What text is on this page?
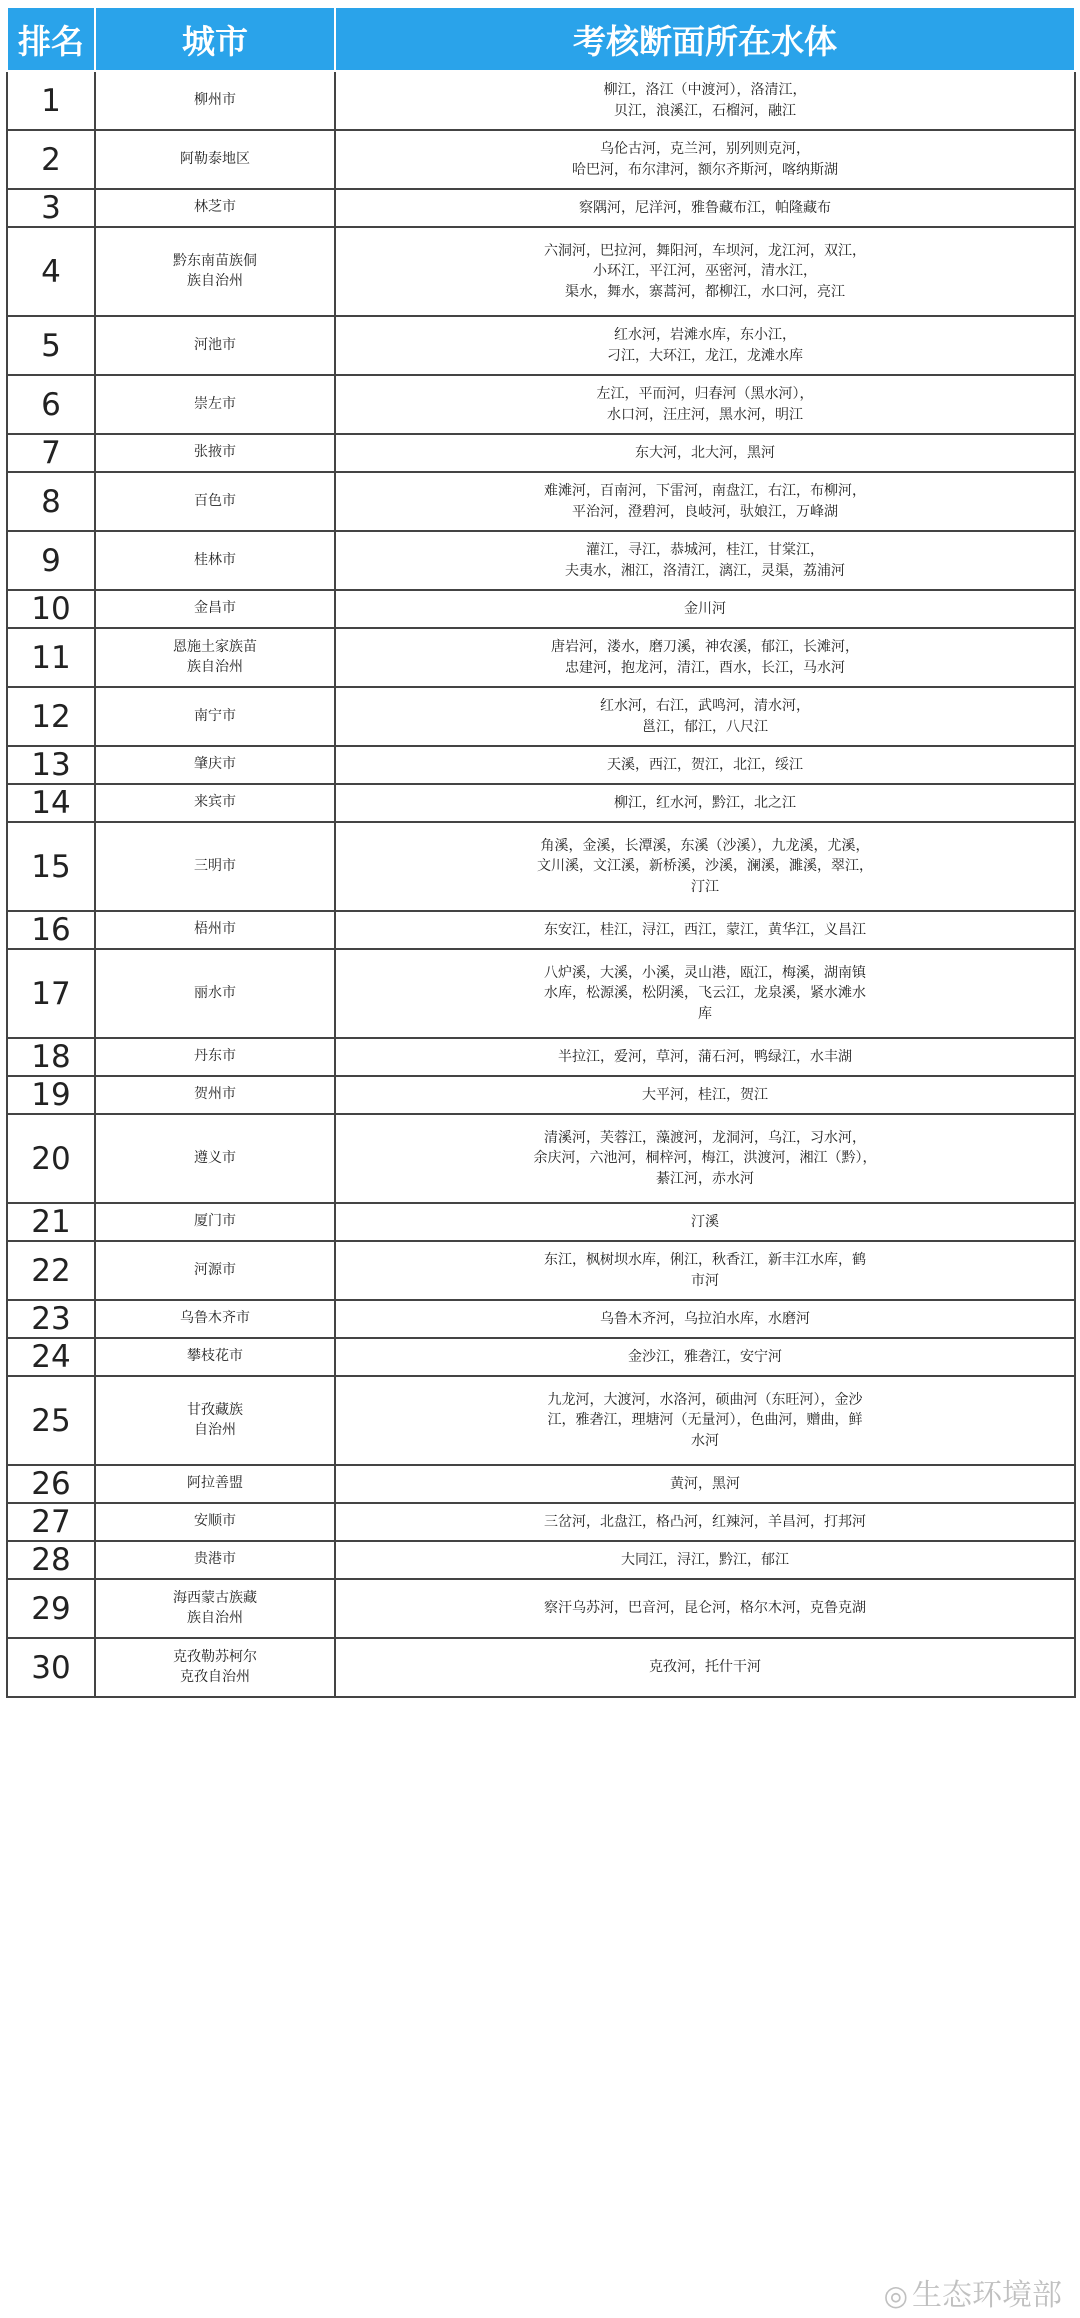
排名	城市	考核断面所在水体
1	柳州市	柳江，洛江（中渡河），洛清江，
贝江，浪溪江，石榴河，融江

2	阿勒泰地区	乌伦古河，克兰河，别列则克河，
哈巴河，布尔津河，额尔齐斯河，喀纳斯湖

3	林芝市	察隅河，尼洋河，雅鲁藏布江，帕隆藏布

4	黔东南苗族侗
族自治州	六洞河，巴拉河，舞阳河，车坝河，龙江河，双江，
小环江，平江河，巫密河，清水江，
渠水，舞水，寨蒿河，都柳江，水口河，亮江

5	河池市	红水河，岩滩水库，东小江，
刁江，大环江，龙江，龙滩水库

6	崇左市	左江，平而河，归春河（黑水河），
水口河，汪庄河，黑水河，明江

7	张掖市	东大河，北大河，黑河

8	百色市	难滩河，百南河，下雷河，南盘江，右江，布柳河，
平治河，澄碧河，良岐河，驮娘江，万峰湖

9	桂林市	灌江，寻江，恭城河，桂江，甘棠江，
夫夷水，湘江，洛清江，漓江，灵渠，荔浦河

10	金昌市	金川河

11	恩施土家族苗
族自治州	唐岩河，溇水，磨刀溪，神农溪，郁江，长滩河，
忠建河，抱龙河，清江，酉水，长江，马水河

12	南宁市	红水河，右江，武鸣河，清水河，
邕江，郁江，八尺江

13	肇庆市	天溪，西江，贺江，北江，绥江

14	来宾市	柳江，红水河，黔江，北之江

15	三明市	角溪，金溪，长潭溪，东溪（沙溪），九龙溪，尤溪，
文川溪，文江溪，新桥溪，沙溪，澜溪，濉溪，翠江，
汀江

16	梧州市	东安江，桂江，浔江，西江，蒙江，黄华江，义昌江

17	丽水市	八炉溪，大溪，小溪，灵山港，瓯江，梅溪，湖南镇
水库，松源溪，松阴溪，飞云江，龙泉溪，紧水滩水
库

18	丹东市	半拉江，爱河，草河，蒲石河，鸭绿江，水丰湖

19	贺州市	大平河，桂江，贺江

20	遵义市	清溪河，芙蓉江，藻渡河，龙洞河，乌江，习水河，
余庆河，六池河，桐梓河，梅江，洪渡河，湘江（黔），
綦江河，赤水河

21	厦门市	汀溪

22	河源市	东江，枫树坝水库，俐江，秋香江，新丰江水库，鹤
市河

23	乌鲁木齐市	乌鲁木齐河，乌拉泊水库，水磨河

24	攀枝花市	金沙江，雅砻江，安宁河

25	甘孜藏族
自治州	九龙河，大渡河，水洛河，硕曲河（东旺河），金沙
江，雅砻江，理塘河（无量河），色曲河，赠曲，鲜
水河

26	阿拉善盟	黄河，黑河

27	安顺市	三岔河，北盘江，格凸河，红辣河，羊昌河，打邦河

28	贵港市	大同江，浔江，黔江，郁江

29	海西蒙古族藏
族自治州	察汗乌苏河，巴音河，昆仑河，格尔木河，克鲁克湖

30	克孜勒苏柯尔
克孜自治州	克孜河，托什干河
◎ 生态环境部
